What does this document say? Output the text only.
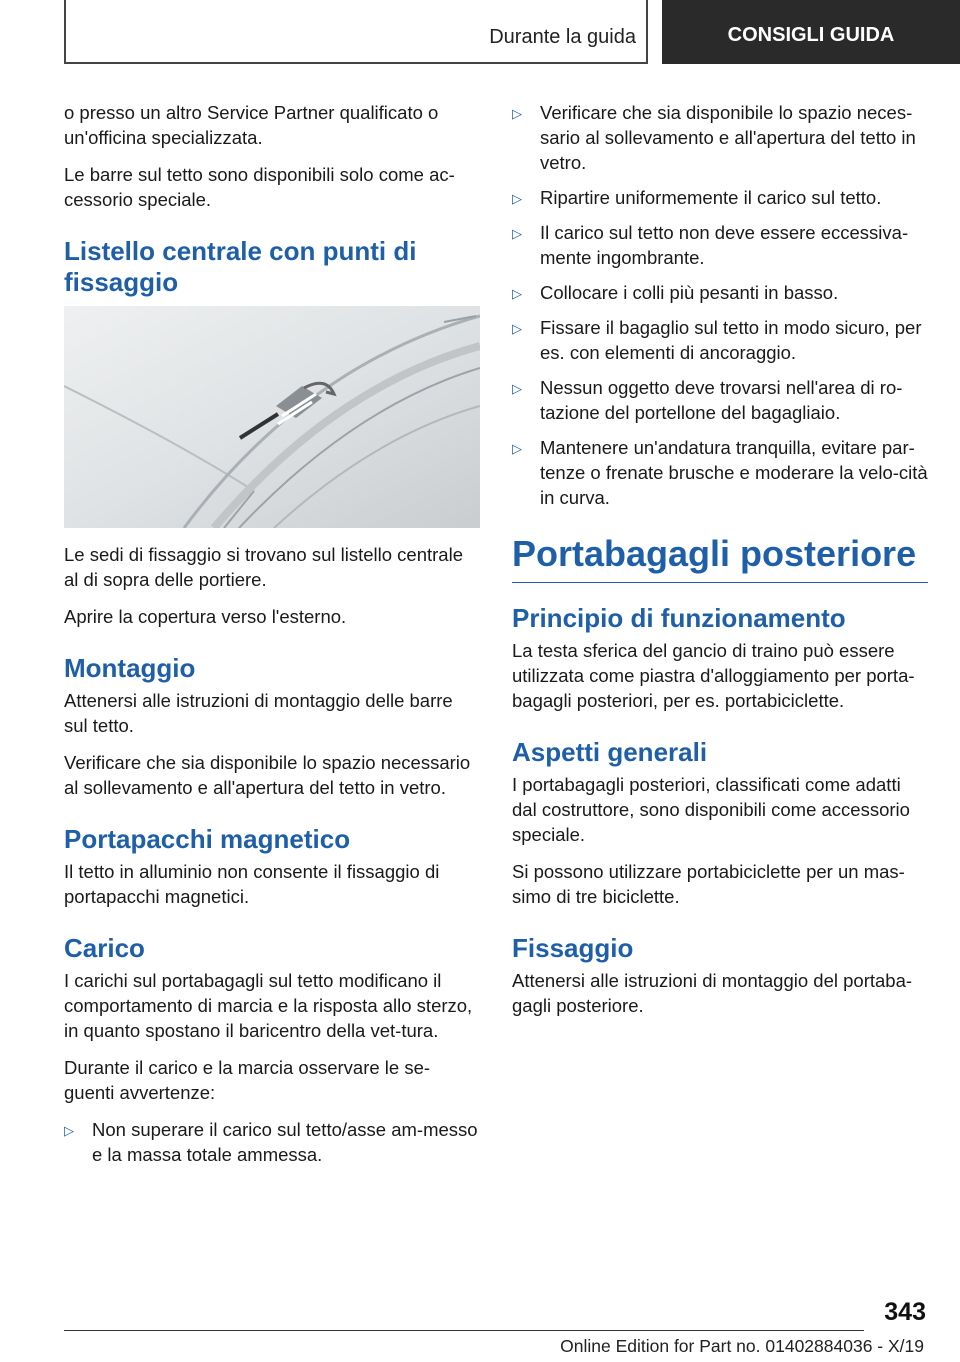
Durante la guida	CONSIGLI GUIDA

o presso un altro Service Partner qualificato o un'officina specializzata.

Le barre sul tetto sono disponibili solo come ac-cessorio speciale.

Listello centrale con punti di fissaggio

Le sedi di fissaggio si trovano sul listello centrale al di sopra delle portiere.

Aprire la copertura verso l'esterno.

Montaggio

Attenersi alle istruzioni di montaggio delle barre sul tetto.

Verificare che sia disponibile lo spazio necessario al sollevamento e all'apertura del tetto in vetro.

Portapacchi magnetico

Il tetto in alluminio non consente il fissaggio di portapacchi magnetici.

Carico

I carichi sul portabagagli sul tetto modificano il comportamento di marcia e la risposta allo sterzo, in quanto spostano il baricentro della vet-tura.

Durante il carico e la marcia osservare le se-guenti avvertenze:

▷ Non superare il carico sul tetto/asse am-messo e la massa totale ammessa.
▷ Verificare che sia disponibile lo spazio neces-sario al sollevamento e all'apertura del tetto in vetro.
▷ Ripartire uniformemente il carico sul tetto.
▷ Il carico sul tetto non deve essere eccessiva-mente ingombrante.
▷ Collocare i colli più pesanti in basso.
▷ Fissare il bagaglio sul tetto in modo sicuro, per es. con elementi di ancoraggio.
▷ Nessun oggetto deve trovarsi nell'area di ro-tazione del portellone del bagagliaio.
▷ Mantenere un'andatura tranquilla, evitare par-tenze o frenate brusche e moderare la velo-cità in curva.
Portabagagli posteriore
Principio di funzionamento

La testa sferica del gancio di traino può essere utilizzata come piastra d'alloggiamento per porta-bagagli posteriori, per es. portabiciclette.

Aspetti generali

I portabagagli posteriori, classificati come adatti dal costruttore, sono disponibili come accessorio speciale.

Si possono utilizzare portabiciclette per un mas-simo di tre biciclette.

Fissaggio

Attenersi alle istruzioni di montaggio del portaba-gagli posteriore.

343
Online Edition for Part no. 01402884036 - X/19
